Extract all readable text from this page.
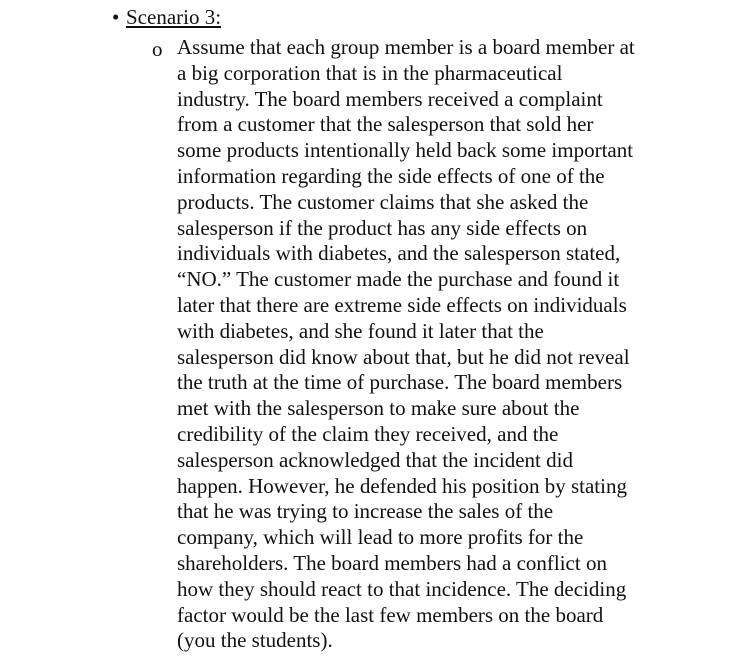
• Scenario 3:
o Assume that each group member is a board member at
a big corporation that is in the pharmaceutical
industry. The board members received a complaint
from a customer that the salesperson that sold her
some products intentionally held back some important
information regarding the side effects of one of the
products. The customer claims that she asked the
salesperson if the product has any side effects on
individuals with diabetes, and the salesperson stated,
“NO.” The customer made the purchase and found it
later that there are extreme side effects on individuals
with diabetes, and she found it later that the
salesperson did know about that, but he did not reveal
the truth at the time of purchase. The board members
met with the salesperson to make sure about the
credibility of the claim they received, and the
salesperson acknowledged that the incident did
happen. However, he defended his position by stating
that he was trying to increase the sales of the
company, which will lead to more profits for the
shareholders. The board members had a conflict on
how they should react to that incidence. The deciding
factor would be the last few members on the board
(you the students).
